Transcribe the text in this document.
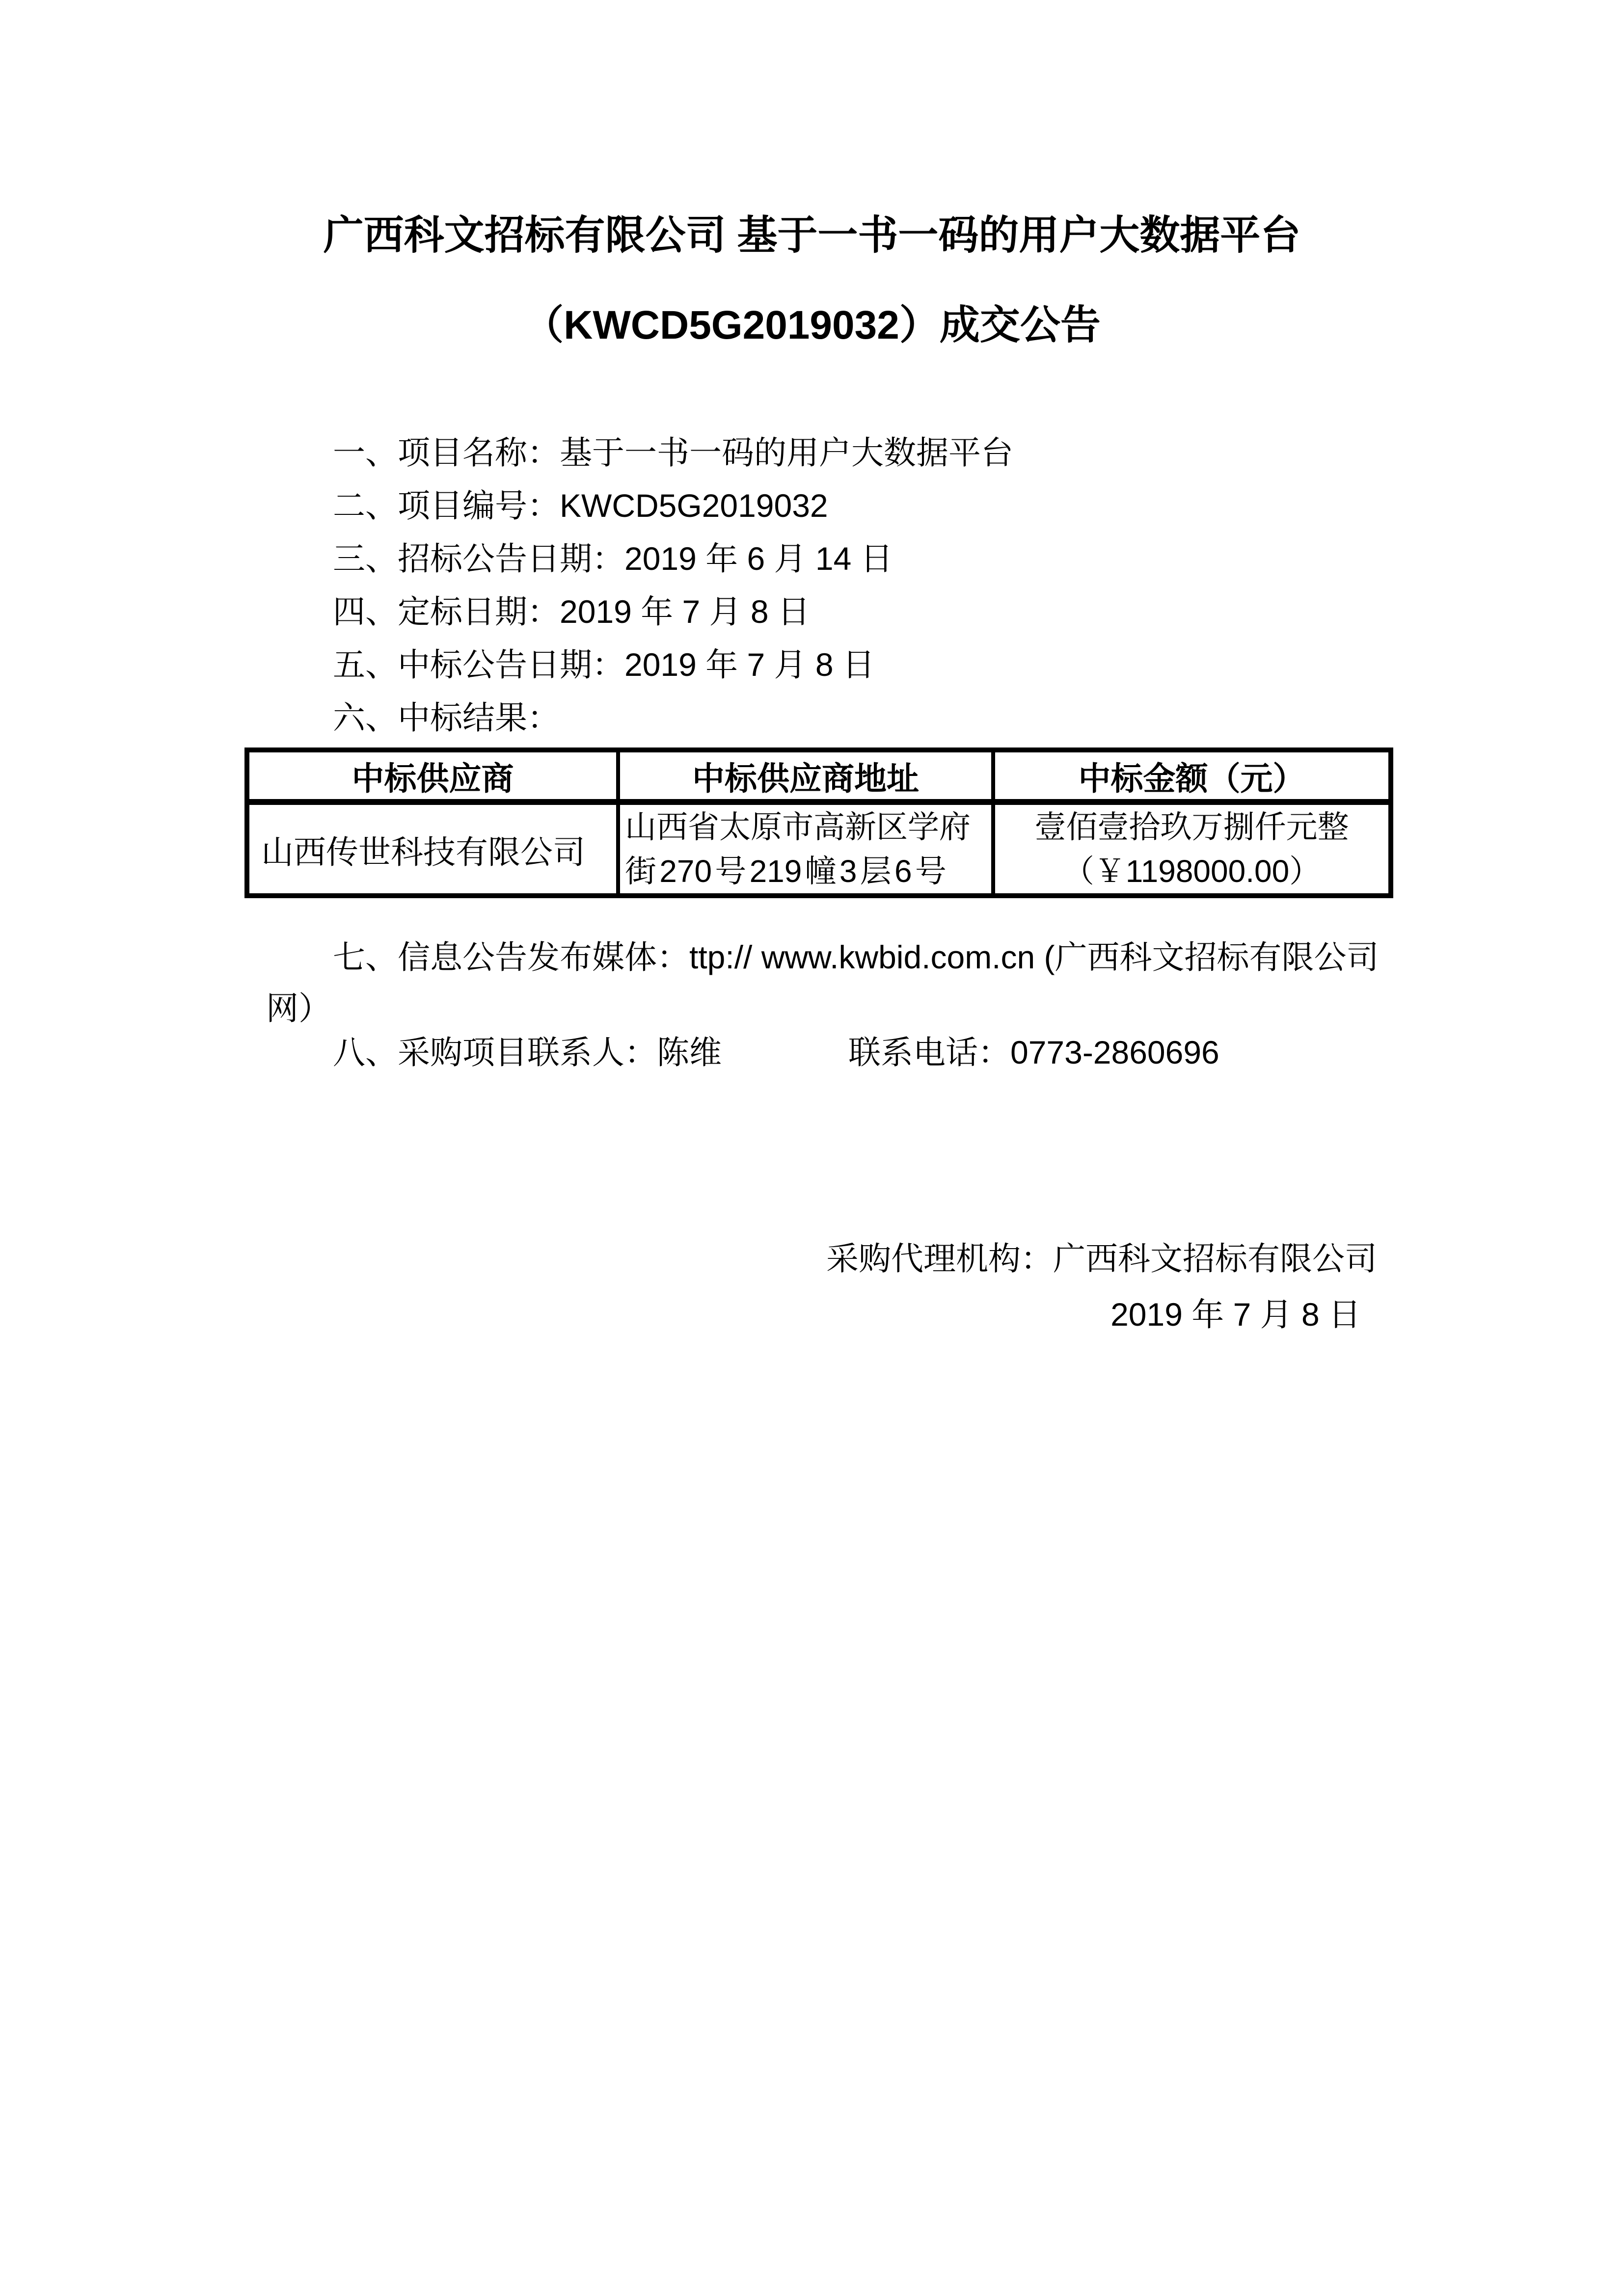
广西科文招标有限公司 基于一书一码的用户大数据平台

（KWCD5G2019032）成交公告

一、项目名称：基于一书一码的用户大数据平台

二、项目编号：KWCD5G2019032

三、招标公告日期：2019 年 6 月 14 日

四、定标日期：2019 年 7 月 8 日

五、中标公告日期：2019 年 7 月 8 日

六、中标结果：

中标供应商	中标供应商地址	中标金额（元）
山西传世科技有限公司	山西省太原市高新区学府街 270 号 219 幢 3 层 6 号	壹佰壹拾玖万捌仟元整
（￥1198000.00）

七、信息公告发布媒体：ttp:// www.kwbid.com.cn (广西科文招标有限公司网）

八、采购项目联系人：陈维	联系电话：0773-2860696

采购代理机构：广西科文招标有限公司

2019 年 7 月 8 日
